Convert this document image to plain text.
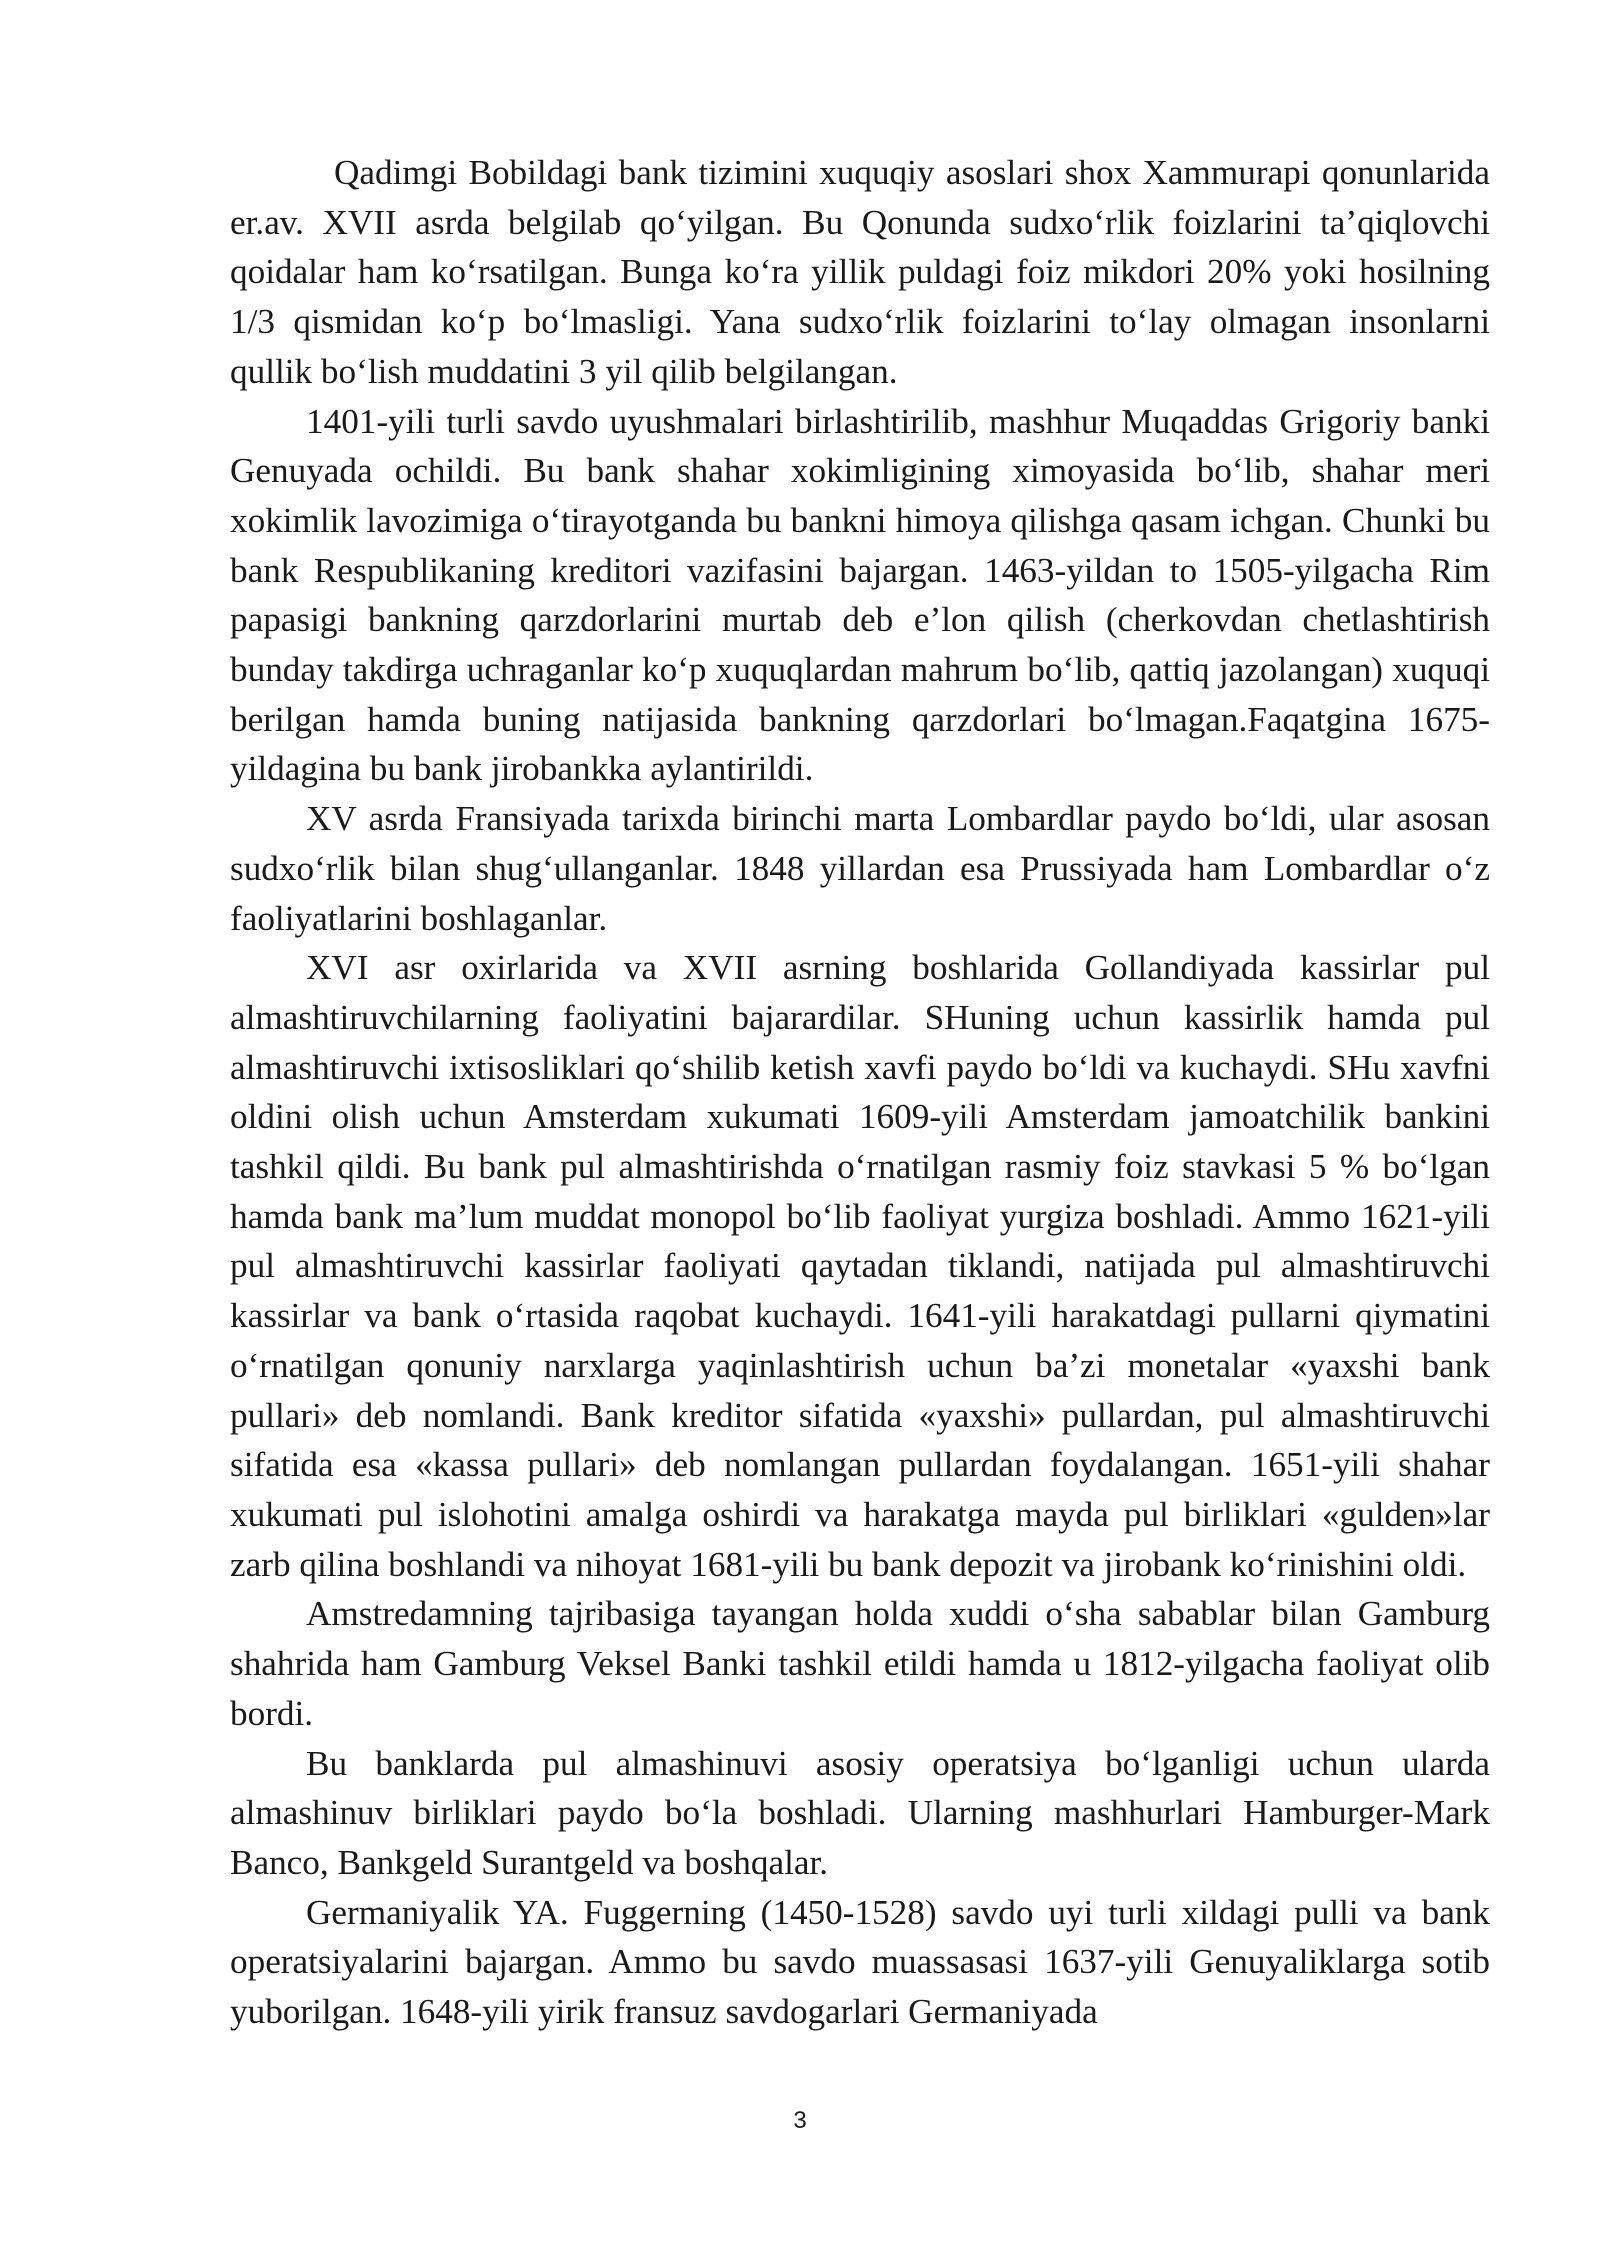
Qadimgi Bobildagi bank tizimini xuquqiy asoslari shox Xammurapi qonunlarida er.av. XVII asrda belgilab qo‘yilgan. Bu Qonunda sudxo‘rlik foizlarini ta’qiqlovchi qoidalar ham ko‘rsatilgan. Bunga ko‘ra yillik puldagi foiz mikdori 20% yoki hosilning 1/3 qismidan ko‘p bo‘lmasligi. Yana sudxo‘rlik foizlarini to‘lay olmagan insonlarni qullik bo‘lish muddatini 3 yil qilib belgilangan.

1401-yili turli savdo uyushmalari birlashtirilib, mashhur Muqaddas Grigoriy banki Genuyada ochildi. Bu bank shahar xokimligining ximoyasida bo‘lib, shahar meri xokimlik lavozimiga o‘tirayotganda bu bankni himoya qilishga qasam ichgan. Chunki bu bank Respublikaning kreditori vazifasini bajargan. 1463-yildan to 1505-yilgacha Rim papasigi bankning qarzdorlarini murtab deb e’lon qilish (cherkovdan chetlashtirish bunday takdirga uchraganlar ko‘p xuquqlardan mahrum bo‘lib, qattiq jazolangan) xuquqi berilgan hamda buning natijasida bankning qarzdorlari bo‘lmagan.Faqatgina 1675-yildagina bu bank jirobankka aylantirildi.

XV asrda Fransiyada tarixda birinchi marta Lombardlar paydo bo‘ldi, ular asosan sudxo‘rlik bilan shug‘ullanganlar. 1848 yillardan esa Prussiyada ham Lombardlar o‘z faoliyatlarini boshlaganlar.

XVI asr oxirlarida va XVII asrning boshlarida Gollandiyada kassirlar pul almashtiruvchilarning faoliyatini bajarardilar. SHuning uchun kassirlik hamda pul almashtiruvchi ixtisosliklari qo‘shilib ketish xavfi paydo bo‘ldi va kuchaydi. SHu xavfni oldini olish uchun Amsterdam xukumati 1609-yili Amsterdam jamoatchilik bankini tashkil qildi. Bu bank pul almashtirishda o‘rnatilgan rasmiy foiz stavkasi 5 % bo‘lgan hamda bank ma’lum muddat monopol bo‘lib faoliyat yurgiza boshladi. Ammo 1621-yili pul almashtiruvchi kassirlar faoliyati qaytadan tiklandi, natijada pul almashtiruvchi kassirlar va bank o‘rtasida raqobat kuchaydi. 1641-yili harakatdagi pullarni qiymatini o‘rnatilgan qonuniy narxlarga yaqinlashtirish uchun ba’zi monetalar «yaxshi bank pullari» deb nomlandi. Bank kreditor sifatida «yaxshi» pullardan, pul almashtiruvchi sifatida esa «kassa pullari» deb nomlangan pullardan foydalangan. 1651-yili shahar xukumati pul islohotini amalga oshirdi va harakatga mayda pul birliklari «gulden»lar zarb qilina boshlandi va nihoyat 1681-yili bu bank depozit va jirobank ko‘rinishini oldi.

Amstredamning tajribasiga tayangan holda xuddi o‘sha sabablar bilan Gamburg shahrida ham Gamburg Veksel Banki tashkil etildi hamda u 1812-yilgacha faoliyat olib bordi.

Bu banklarda pul almashinuvi asosiy operatsiya bo‘lganligi uchun ularda almashinuv birliklari paydo bo‘la boshladi. Ularning mashhurlari Hamburger-Mark Banco, Bankgeld Surantgeld va boshqalar.

Germaniyalik YA. Fuggerning (1450-1528) savdo uyi turli xildagi pulli va bank operatsiyalarini bajargan. Ammo bu savdo muassasasi 1637-yili Genuyaliklarga sotib yuborilgan. 1648-yili yirik fransuz savdogarlari Germaniyada

3
